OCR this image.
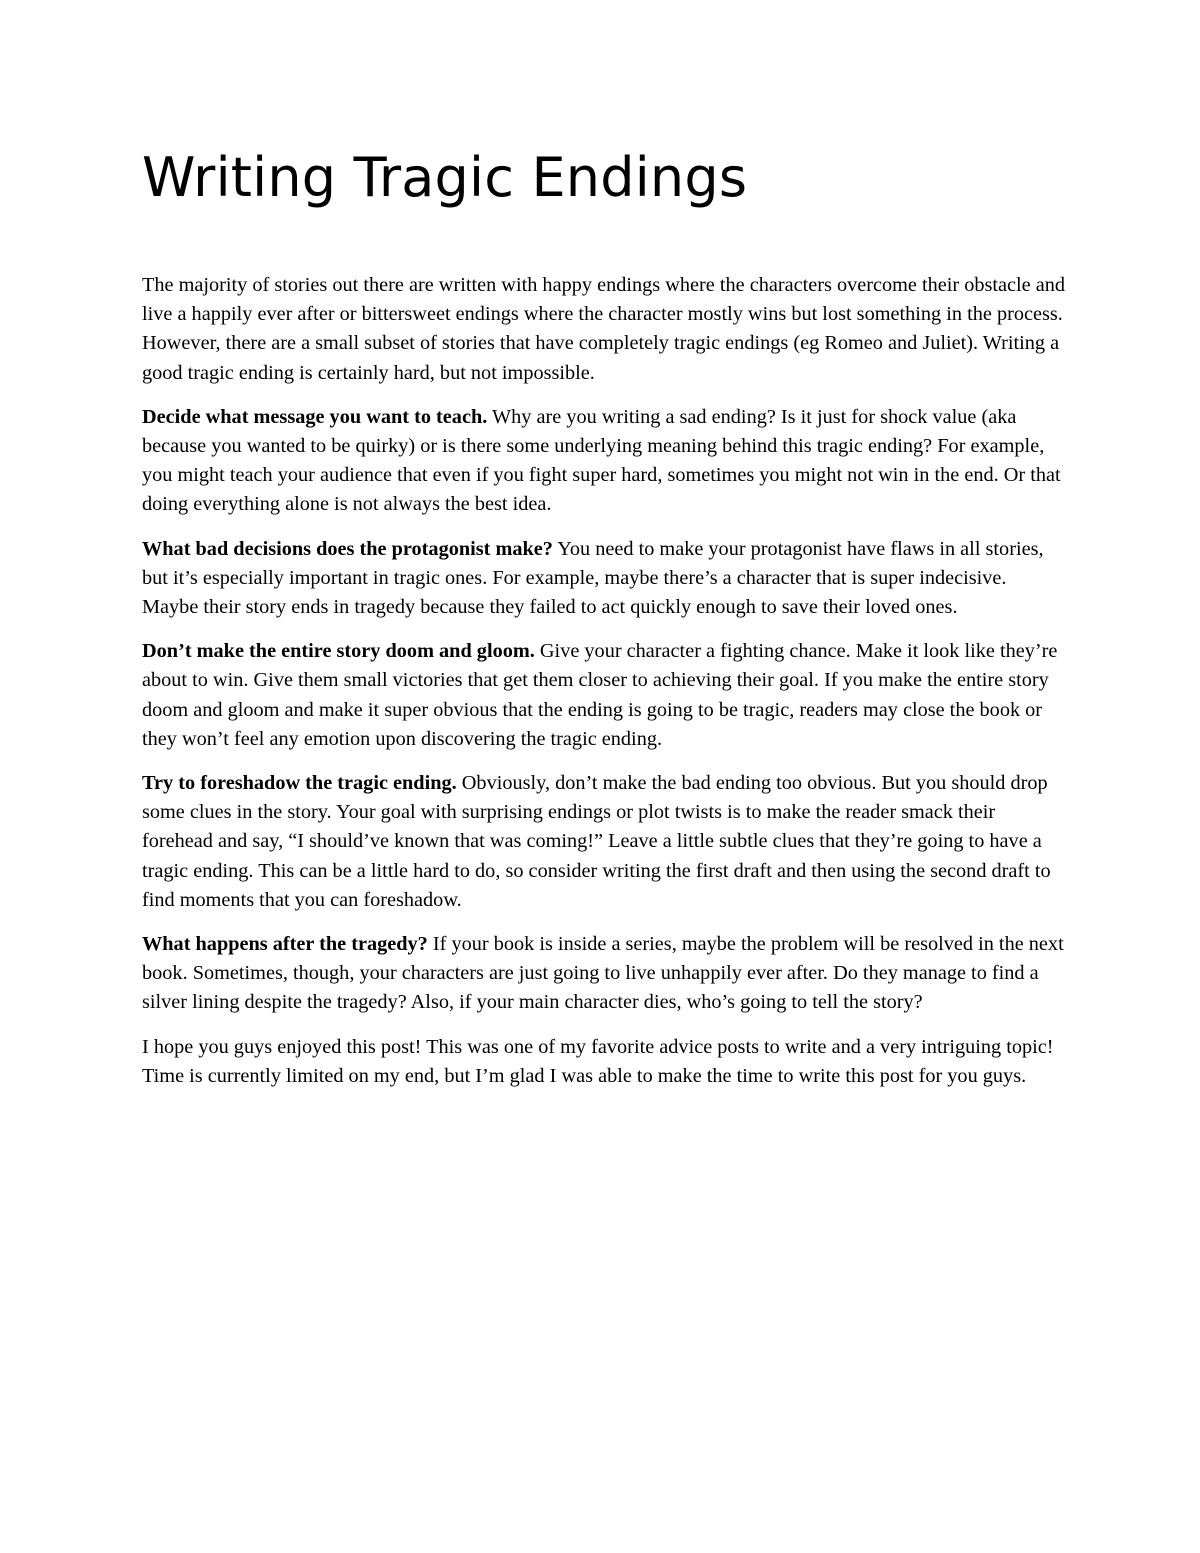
Writing Tragic Endings

The majority of stories out there are written with happy endings where the characters overcome their obstacle and live a happily ever after or bittersweet endings where the character mostly wins but lost something in the process. However, there are a small subset of stories that have completely tragic endings (eg Romeo and Juliet). Writing a good tragic ending is certainly hard, but not impossible.

Decide what message you want to teach. Why are you writing a sad ending? Is it just for shock value (aka because you wanted to be quirky) or is there some underlying meaning behind this tragic ending? For example, you might teach your audience that even if you fight super hard, sometimes you might not win in the end. Or that doing everything alone is not always the best idea.

What bad decisions does the protagonist make? You need to make your protagonist have flaws in all stories, but it’s especially important in tragic ones. For example, maybe there’s a character that is super indecisive. Maybe their story ends in tragedy because they failed to act quickly enough to save their loved ones.

Don’t make the entire story doom and gloom. Give your character a fighting chance. Make it look like they’re about to win. Give them small victories that get them closer to achieving their goal. If you make the entire story doom and gloom and make it super obvious that the ending is going to be tragic, readers may close the book or they won’t feel any emotion upon discovering the tragic ending.

Try to foreshadow the tragic ending. Obviously, don’t make the bad ending too obvious. But you should drop some clues in the story. Your goal with surprising endings or plot twists is to make the reader smack their forehead and say, “I should’ve known that was coming!” Leave a little subtle clues that they’re going to have a tragic ending. This can be a little hard to do, so consider writing the first draft and then using the second draft to find moments that you can foreshadow.

What happens after the tragedy? If your book is inside a series, maybe the problem will be resolved in the next book. Sometimes, though, your characters are just going to live unhappily ever after. Do they manage to find a silver lining despite the tragedy? Also, if your main character dies, who’s going to tell the story?

I hope you guys enjoyed this post! This was one of my favorite advice posts to write and a very intriguing topic! Time is currently limited on my end, but I’m glad I was able to make the time to write this post for you guys.
